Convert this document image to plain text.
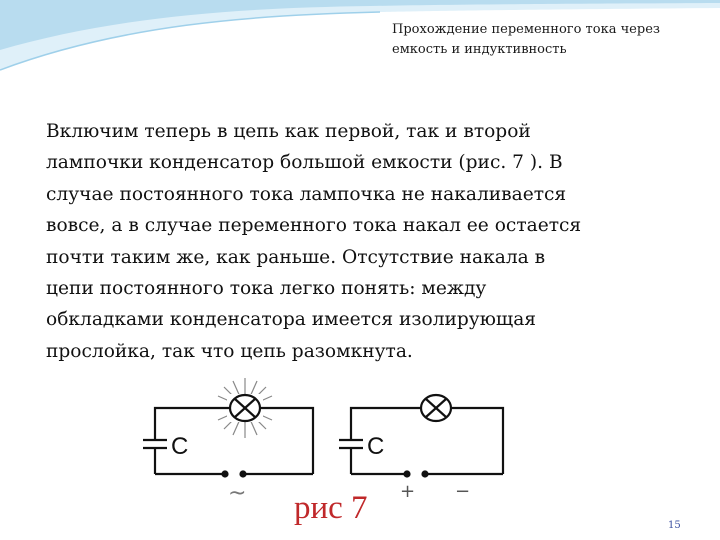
Прохождение переменного тока через
емкость и индуктивность

Включим теперь в цепь как первой, так и второй

лампочки конденсатор большой емкости (рис. 7 ). В

случае постоянного тока лампочка не накаливается

вовсе, а в случае переменного тока накал ее остается

почти таким же, как раньше. Отсутствие накала в

цепи постоянного тока легко понять: между

обкладками конденсатора имеется изолирующая

прослойка, так что цепь разомкнута.

C
~
C
+ −
рис 7	15
